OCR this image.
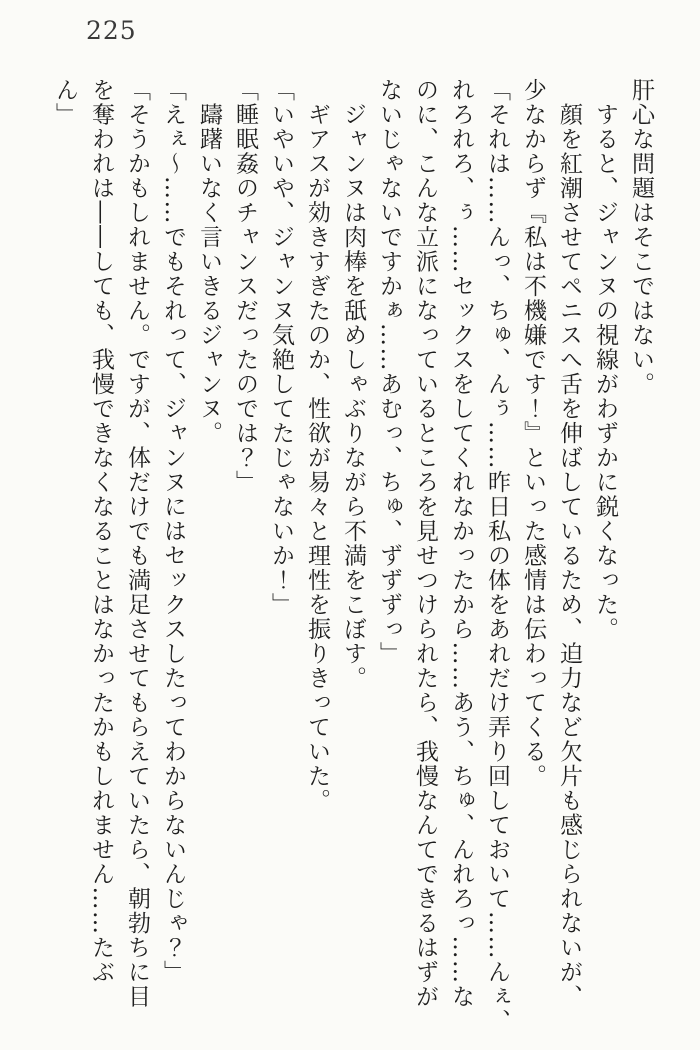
225
肝心な問題はそこではない。
　すると、ジャンヌの視線がわずかに鋭くなった。
　顔を紅潮させてペニスへ舌を伸ばしているため、迫力など欠片も感じられないが、
少なからず『私は不機嫌です！』といった感情は伝わってくる。
「それは……んっ、ちゅ、んぅ……昨日私の体をあれだけ弄り回しておいて……んぇ、
れろれろ、ぅ……セックスをしてくれなかったから……あう、ちゅ、んれろっ……な
のに、こんな立派になっているところを見せつけられたら、我慢なんてできるはずが
ないじゃないですかぁ……あむっ、ちゅ、ずずずっ」
　ジャンヌは肉棒を舐めしゃぶりながら不満をこぼす。
　ギアスが効きすぎたのか、性欲が易々と理性を振りきっていた。
「いやいや、ジャンヌ気絶してたじゃないか！」
「睡眠姦のチャンスだったのでは？」
　躊躇いなく言いきるジャンヌ。
「えぇ～……でもそれって、ジャンヌにはセックスしたってわからないんじゃ？」
「そうかもしれません。ですが、体だけでも満足させてもらえていたら、朝勃ちに目
を奪われは――しても、我慢できなくなることはなかったかもしれません……たぶ
ん」
